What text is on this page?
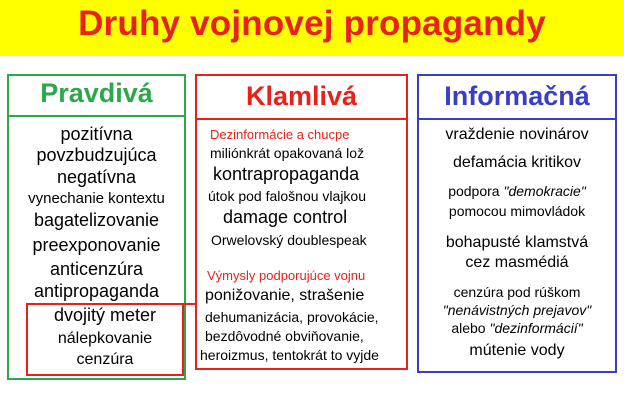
Druhy vojnovej propagandy
Pravdivá
pozitívna
povzbudzujúca
negatívna
vynechanie kontextu
bagatelizovanie
preexponovanie
anticenzúra
antipropaganda
Klamlivá
dvojitý meter
nálepkovanie
cenzúra
Dezinformácie a chucpe
miliónkrát opakovaná lož
kontrapropaganda
útok pod falošnou vlajkou
damage control
Orwelovský doublespeak
Výmysly podporujúce vojnu
ponižovanie, strašenie
dehumanizácia, provokácie,
bezdôvodné obviňovanie,
heroizmus, tentokrát to vyjde
Informačná
vraždenie novinárov
defamácia kritikov
podpora "demokracie"
pomocou mimovládok
bohapusté klamstvá
cez masmédiá
cenzúra pod rúškom
"nenávistných prejavov"
alebo "dezinformácií"
mútenie vody
